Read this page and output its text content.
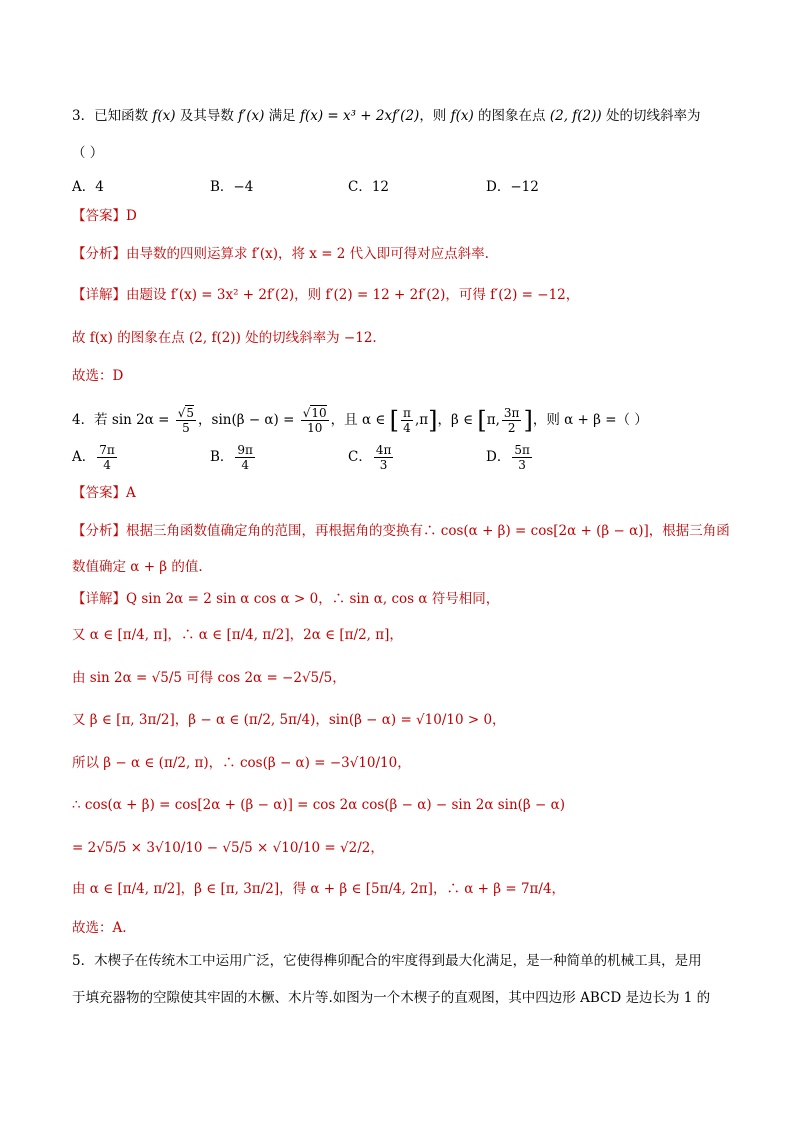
3．已知函数 f(x) 及其导数 f′(x) 满足 f(x) = x³ + 2xf′(2)，则 f(x) 的图象在点 (2, f(2)) 处的切线斜率为
（ ）
A．4	B．−4	C．12	D．−12
【答案】D
【分析】由导数的四则运算求 f′(x)，将 x = 2 代入即可得对应点斜率.
【详解】由题设 f′(x) = 3x² + 2f′(2)，则 f′(2) = 12 + 2f′(2)，可得 f′(2) = −12，
故 f(x) 的图象在点 (2, f(2)) 处的切线斜率为 −12.
故选：D
4．若 $\sin 2\alpha = \frac{√5}{5}$ ，$\sin(\beta - \alpha) = \frac{√10}{10}$ ，且 α ∈ [ $\frac{\pi}{4} ,\pi$]，β ∈ [π, $\frac{3\pi}{2}$ ]，则 α + β =（ ）
A． $\frac{7\pi}{4}$	B． $\frac{9\pi}{4}$	C． $\frac{4\pi}{3}$	D． $\frac{5\pi}{3}$
【答案】A
【分析】根据三角函数值确定角的范围，再根据角的变换有∴ cos(α + β) = cos[2α + (β − α)]，根据三角函
数值确定 α + β 的值.
【详解】Q sin 2α = 2 sin α cos α > 0，∴ sin α, cos α 符号相同，
又 α ∈ [π/4, π]，∴ α ∈ [π/4, π/2]，2α ∈ [π/2, π]，
由 sin 2α = √5/5 可得 cos 2α = −2√5/5，
又 β ∈ [π, 3π/2]，β − α ∈ (π/2, 5π/4)，sin(β − α) = √10/10 > 0，
所以 β − α ∈ (π/2, π)，∴ cos(β − α) = −3√10/10，
∴ cos(α + β) = cos[2α + (β − α)] = cos 2α cos(β − α) − sin 2α sin(β − α)
= 2√5/5 × 3√10/10 − √5/5 × √10/10 = √2/2，
由 α ∈ [π/4, π/2]，β ∈ [π, 3π/2]，得 α + β ∈ [5π/4, 2π]，∴ α + β = 7π/4，
故选：A.
5．木楔子在传统木工中运用广泛，它使得榫卯配合的牢度得到最大化满足，是一种简单的机械工具，是用
于填充器物的空隙使其牢固的木橛、木片等.如图为一个木楔子的直观图，其中四边形 ABCD 是边长为 1 的
